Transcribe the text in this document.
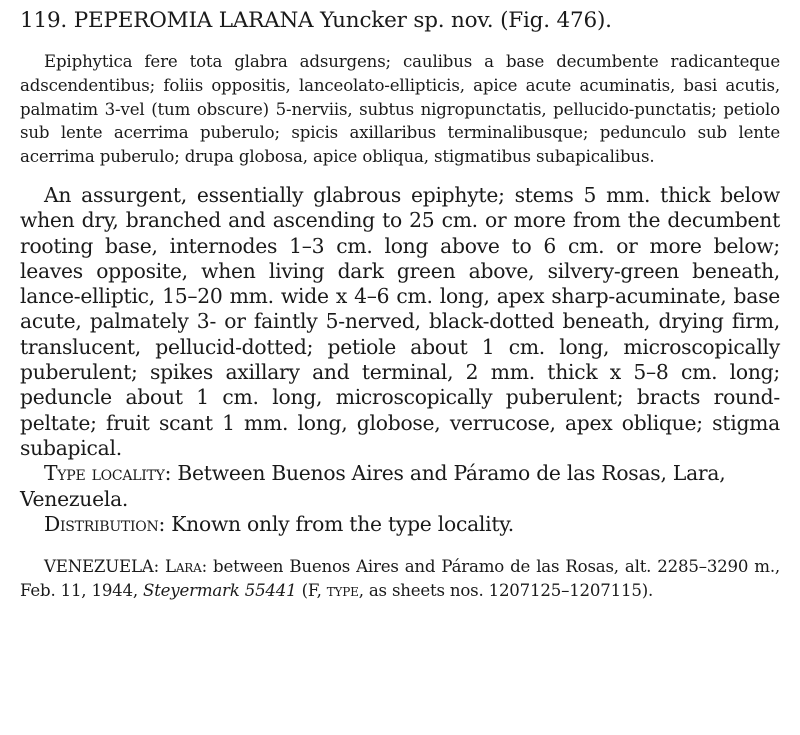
119. PEPEROMIA LARANA Yuncker sp. nov. (Fig. 476).

Epiphytica fere tota glabra adsurgens; caulibus a base decumbente radicanteque adscendentibus; foliis oppositis, lanceolato-ellipticis, apice acute acuminatis, basi acutis, palmatim 3-vel (tum obscure) 5-nerviis, subtus nigropunctatis, pellucido-punctatis; petiolo sub lente acerrima puberulo; spicis axillaribus terminalibusque; pedunculo sub lente acerrima puberulo; drupa globosa, apice obliqua, stigmatibus subapicalibus.

An assurgent, essentially glabrous epiphyte; stems 5 mm. thick below when dry, branched and ascending to 25 cm. or more from the decumbent rooting base, internodes 1–3 cm. long above to 6 cm. or more below; leaves opposite, when living dark green above, silvery-green beneath, lance-elliptic, 15–20 mm. wide x 4–6 cm. long, apex sharp-acuminate, base acute, palmately 3- or faintly 5-nerved, black-dotted beneath, drying firm, translucent, pellucid-dotted; petiole about 1 cm. long, microscopically puberulent; spikes axillary and terminal, 2 mm. thick x 5–8 cm. long; peduncle about 1 cm. long, microscopically puberulent; bracts round-peltate; fruit scant 1 mm. long, globose, verrucose, apex oblique; stigma subapical.

Type locality: Between Buenos Aires and Páramo de las Rosas, Lara, Venezuela.

Distribution: Known only from the type locality.

VENEZUELA: Lara: between Buenos Aires and Páramo de las Rosas, alt. 2285–3290 m., Feb. 11, 1944, Steyermark 55441 (F, type, as sheets nos. 1207125–1207115).
